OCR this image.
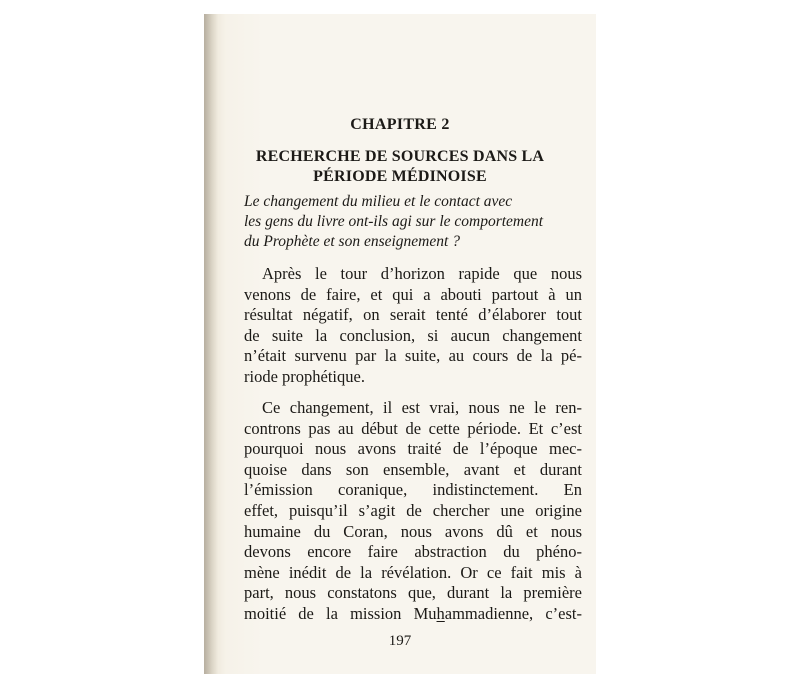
CHAPITRE 2
RECHERCHE DE SOURCES DANS LA
PÉRIODE MÉDINOISE
Le changement du milieu et le contact avec
les gens du livre ont-ils agi sur le comportement
du Prophète et son enseignement ?
Après le tour d’horizon rapide que nous
venons de faire, et qui a abouti partout à un
résultat négatif, on serait tenté d’élaborer tout
de suite la conclusion, si aucun changement
n’était survenu par la suite, au cours de la pé-
riode prophétique.
Ce changement, il est vrai, nous ne le ren-
controns pas au début de cette période. Et c’est
pourquoi nous avons traité de l’époque mec-
quoise dans son ensemble, avant et durant
l’émission coranique, indistinctement. En
effet, puisqu’il s’agit de chercher une origine
humaine du Coran, nous avons dû et nous
devons encore faire abstraction du phéno-
mène inédit de la révélation. Or ce fait mis à
part, nous constatons que, durant la première
moitié de la mission Muhammadienne, c’est-
197
